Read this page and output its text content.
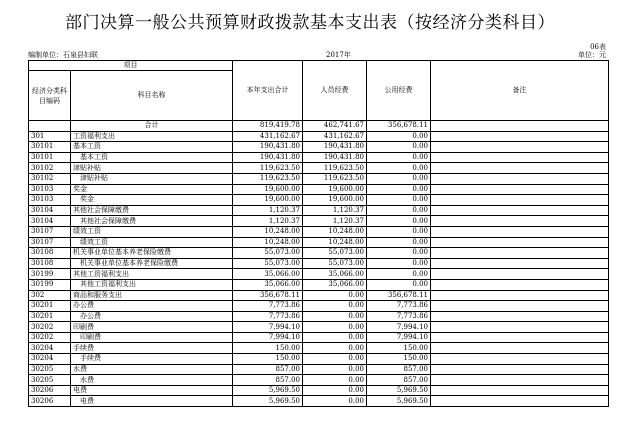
部门决算一般公共预算财政拨款基本支出表（按经济分类科目）
06表
编制单位：石泉县妇联	2017年	单位：元
项目		本年支出合计	人员经费	公用经费	备注
经济分类科目编码	科目名称				
	合计	819,419.78	462,741.67	356,678.11	
301	工资福利支出	431,162.67	431,162.67	0.00	
30101	基本工资	190,431.80	190,431.80	0.00	
30101	基本工资	190,431.80	190,431.80	0.00	
30102	津贴补贴	119,623.50	119,623.50	0.00	
30102	津贴补贴	119,623.50	119,623.50	0.00	
30103	奖金	19,600.00	19,600.00	0.00	
30103	奖金	19,600.00	19,600.00	0.00	
30104	其他社会保障缴费	1,120.37	1,120.37	0.00	
30104	其他社会保障缴费	1,120.37	1,120.37	0.00	
30107	绩效工资	10,248.00	10,248.00	0.00	
30107	绩效工资	10,248.00	10,248.00	0.00	
30108	机关事业单位基本养老保险缴费	55,073.00	55,073.00	0.00	
30108	机关事业单位基本养老保险缴费	55,073.00	55,073.00	0.00	
30199	其他工资福利支出	35,066.00	35,066.00	0.00	
30199	其他工资福利支出	35,066.00	35,066.00	0.00	
302	商品和服务支出	356,678.11	0.00	356,678.11	
30201	办公费	7,773.86	0.00	7,773.86	
30201	办公费	7,773.86	0.00	7,773.86	
30202	印刷费	7,994.10	0.00	7,994.10	
30202	印刷费	7,994.10	0.00	7,994.10	
30204	手续费	150.00	0.00	150.00	
30204	手续费	150.00	0.00	150.00	
30205	水费	857.00	0.00	857.00	
30205	水费	857.00	0.00	857.00	
30206	电费	5,969.50	0.00	5,969.50	
30206	电费	5,969.50	0.00	5,969.50	
